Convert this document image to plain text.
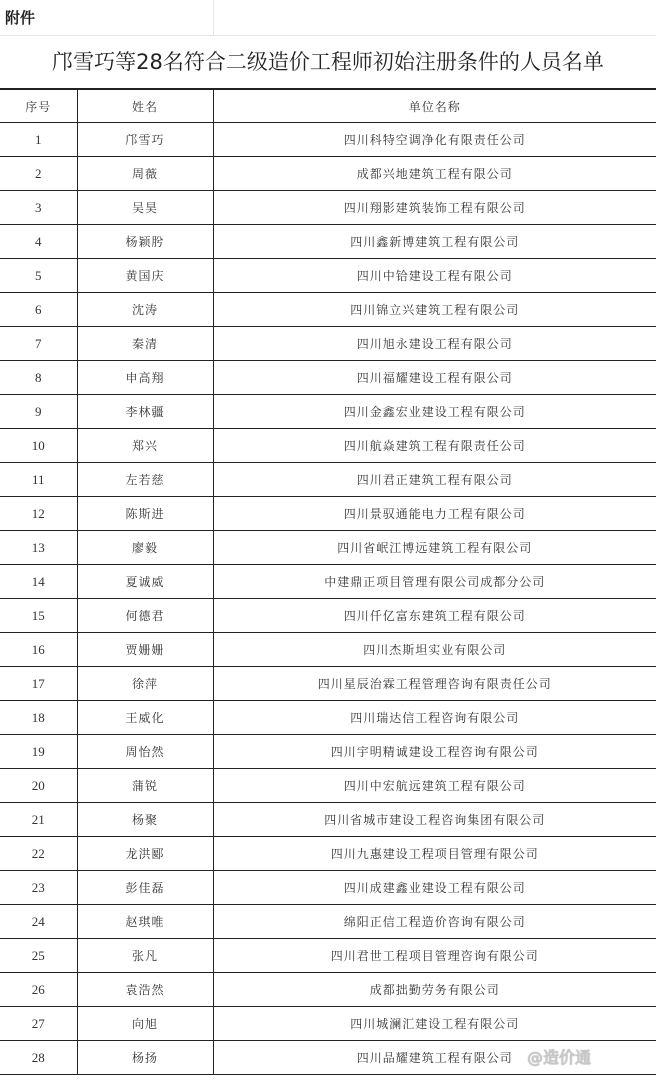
附件
邝雪巧等28名符合二级造价工程师初始注册条件的人员名单
序号	姓名	单位名称
1	邝雪巧	四川科特空调净化有限责任公司
2	周薇	成都兴地建筑工程有限公司
3	吴昊	四川翔影建筑装饰工程有限公司
4	杨颖肹	四川鑫新博建筑工程有限公司
5	黄国庆	四川中铪建设工程有限公司
6	沈涛	四川锦立兴建筑工程有限公司
7	秦清	四川旭永建设工程有限公司
8	申高翔	四川福耀建设工程有限公司
9	李林疆	四川金鑫宏业建设工程有限公司
10	郑兴	四川航焱建筑工程有限责任公司
11	左若慈	四川君正建筑工程有限公司
12	陈斯进	四川景驭通能电力工程有限公司
13	廖毅	四川省岷江博远建筑工程有限公司
14	夏诚威	中建鼎正项目管理有限公司成都分公司
15	何德君	四川仟亿富东建筑工程有限公司
16	贾姗姗	四川杰斯坦实业有限公司
17	徐萍	四川星辰治霖工程管理咨询有限责任公司
18	王威化	四川瑞达信工程咨询有限公司
19	周怡然	四川宇明精诚建设工程咨询有限公司
20	蒲锐	四川中宏航远建筑工程有限公司
21	杨聚	四川省城市建设工程咨询集团有限公司
22	龙洪郾	四川九惠建设工程项目管理有限公司
23	彭佳磊	四川成建鑫业建设工程有限公司
24	赵琪唯	绵阳正信工程造价咨询有限公司
25	张凡	四川君世工程项目管理咨询有限公司
26	袁浩然	成都拙勤劳务有限公司
27	向旭	四川城澜汇建设工程有限公司
28	杨扬	四川品耀建筑工程有限公司 @造价通
